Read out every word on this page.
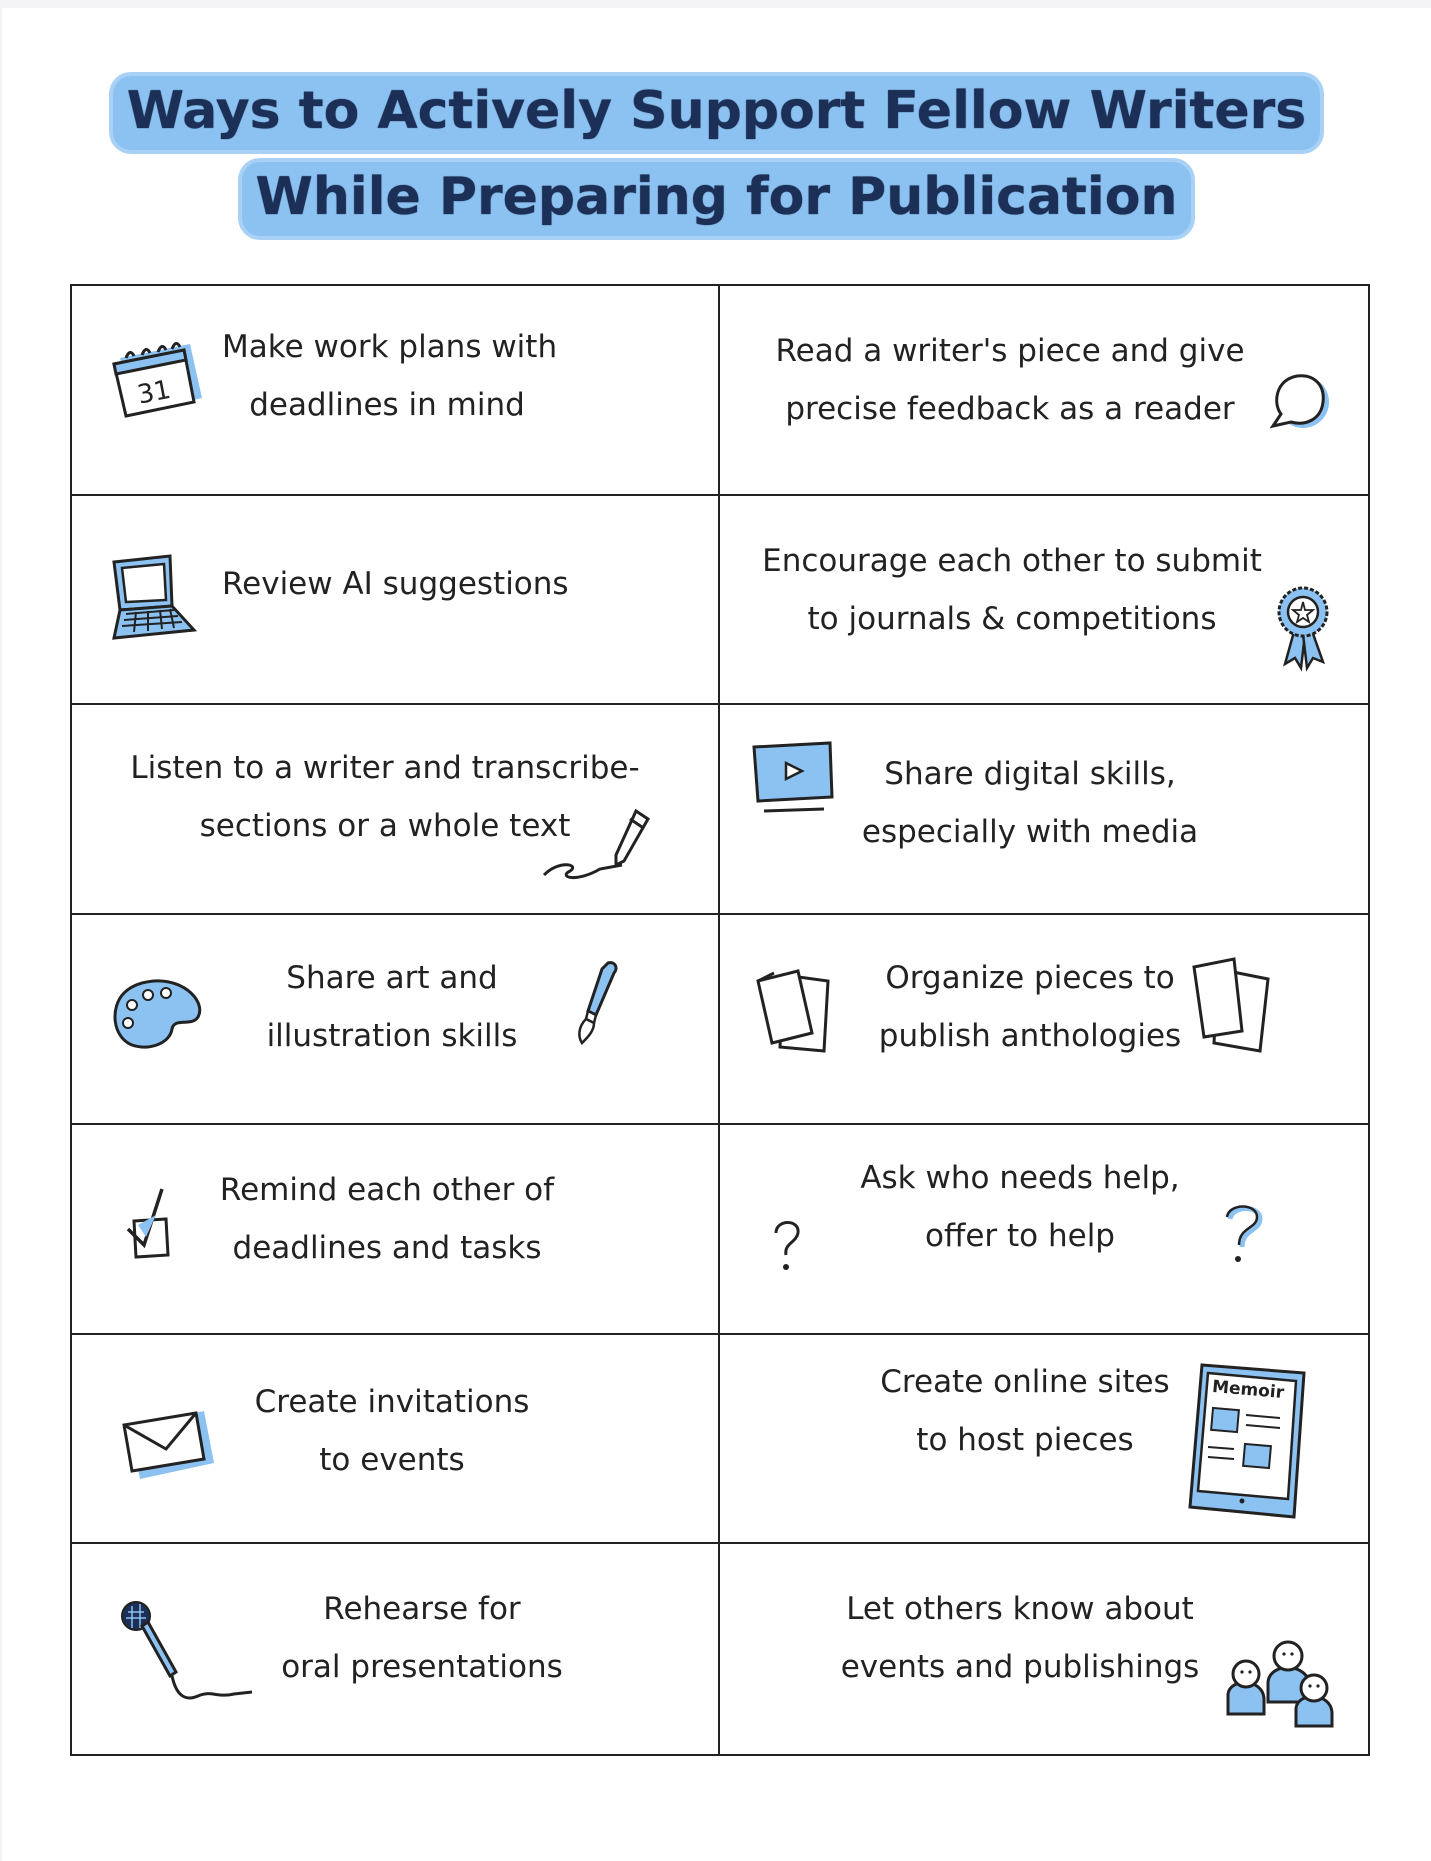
Ways to Actively Support Fellow Writers
While Preparing for Publication
31
Make work plans with
deadlines in mind
Read a writer's piece and give
precise feedback as a reader
Review AI suggestions
Encourage each other to submit
to journals & competitions
Listen to a writer and transcribe-
sections or a whole text
Share digital skills,
especially with media
Share art and
illustration skills
Organize pieces to
publish anthologies
Remind each other of
deadlines and tasks
Ask who needs help,
offer to help
Create invitations
to events
Create online sites
to host pieces
Memoir
Rehearse for
oral presentations
Let others know about
events and publishings
